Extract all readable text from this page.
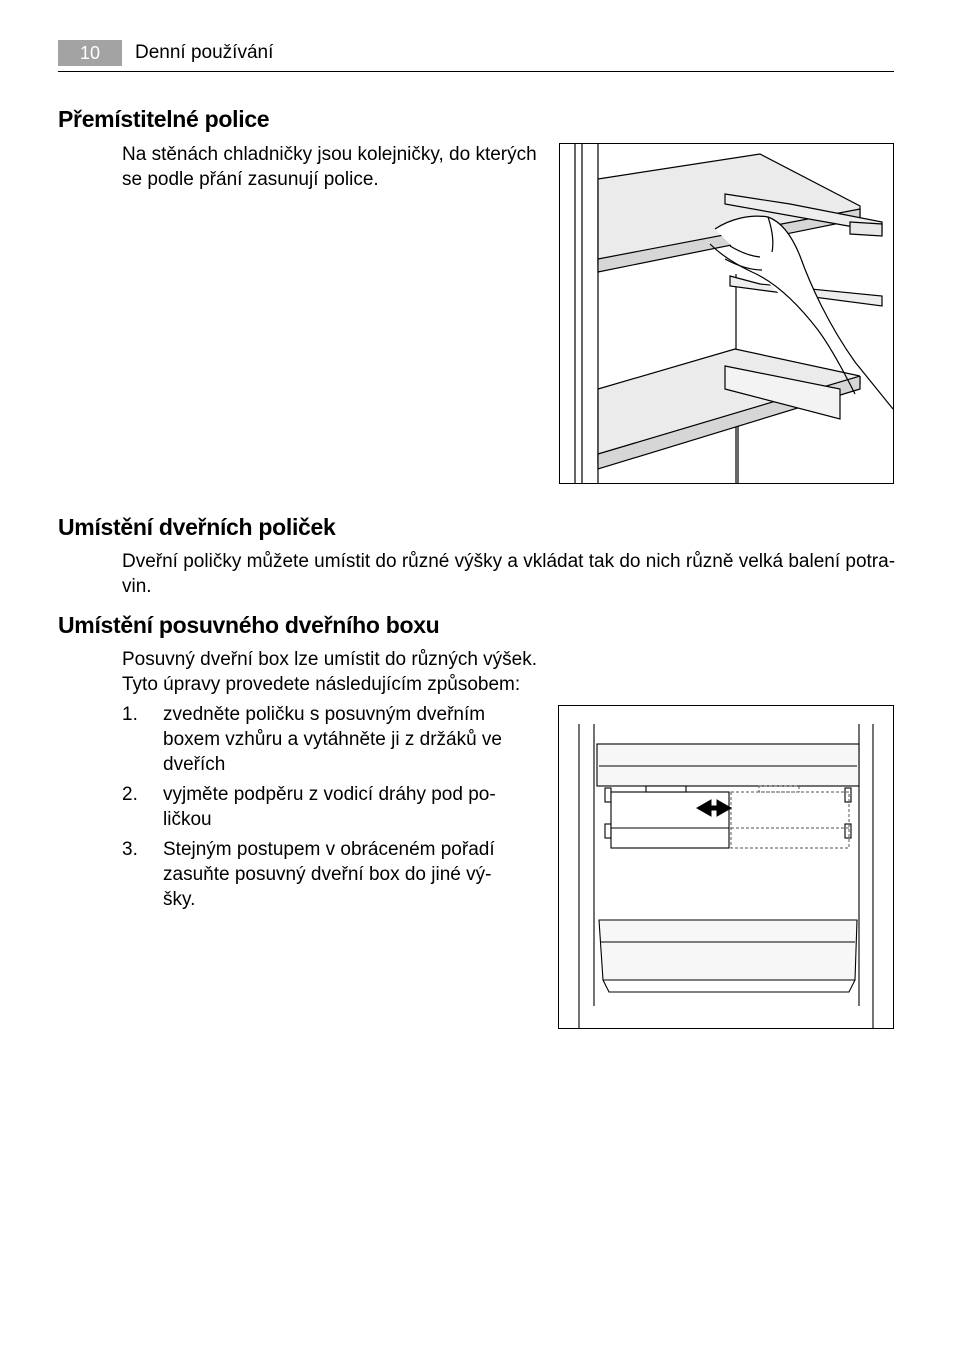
10	Denní používání
Přemístitelné police

Na stěnách chladničky jsou kolejničky, do kterých
se podle přání zasunují police.

Umístění dveřních poliček

Dveřní poličky můžete umístit do různé výšky a vkládat tak do nich různě velká balení potra-
vin.

Umístění posuvného dveřního boxu

Posuvný dveřní box lze umístit do různých výšek.
Tyto úpravy provedete následujícím způsobem:

1. zvedněte poličku s posuvným dveřním
boxem vzhůru a vytáhněte ji z držáků ve
dveřích
2. vyjměte podpěru z vodicí dráhy pod po-
ličkou
3. Stejným postupem v obráceném pořadí
zasuňte posuvný dveřní box do jiné vý-
šky.
